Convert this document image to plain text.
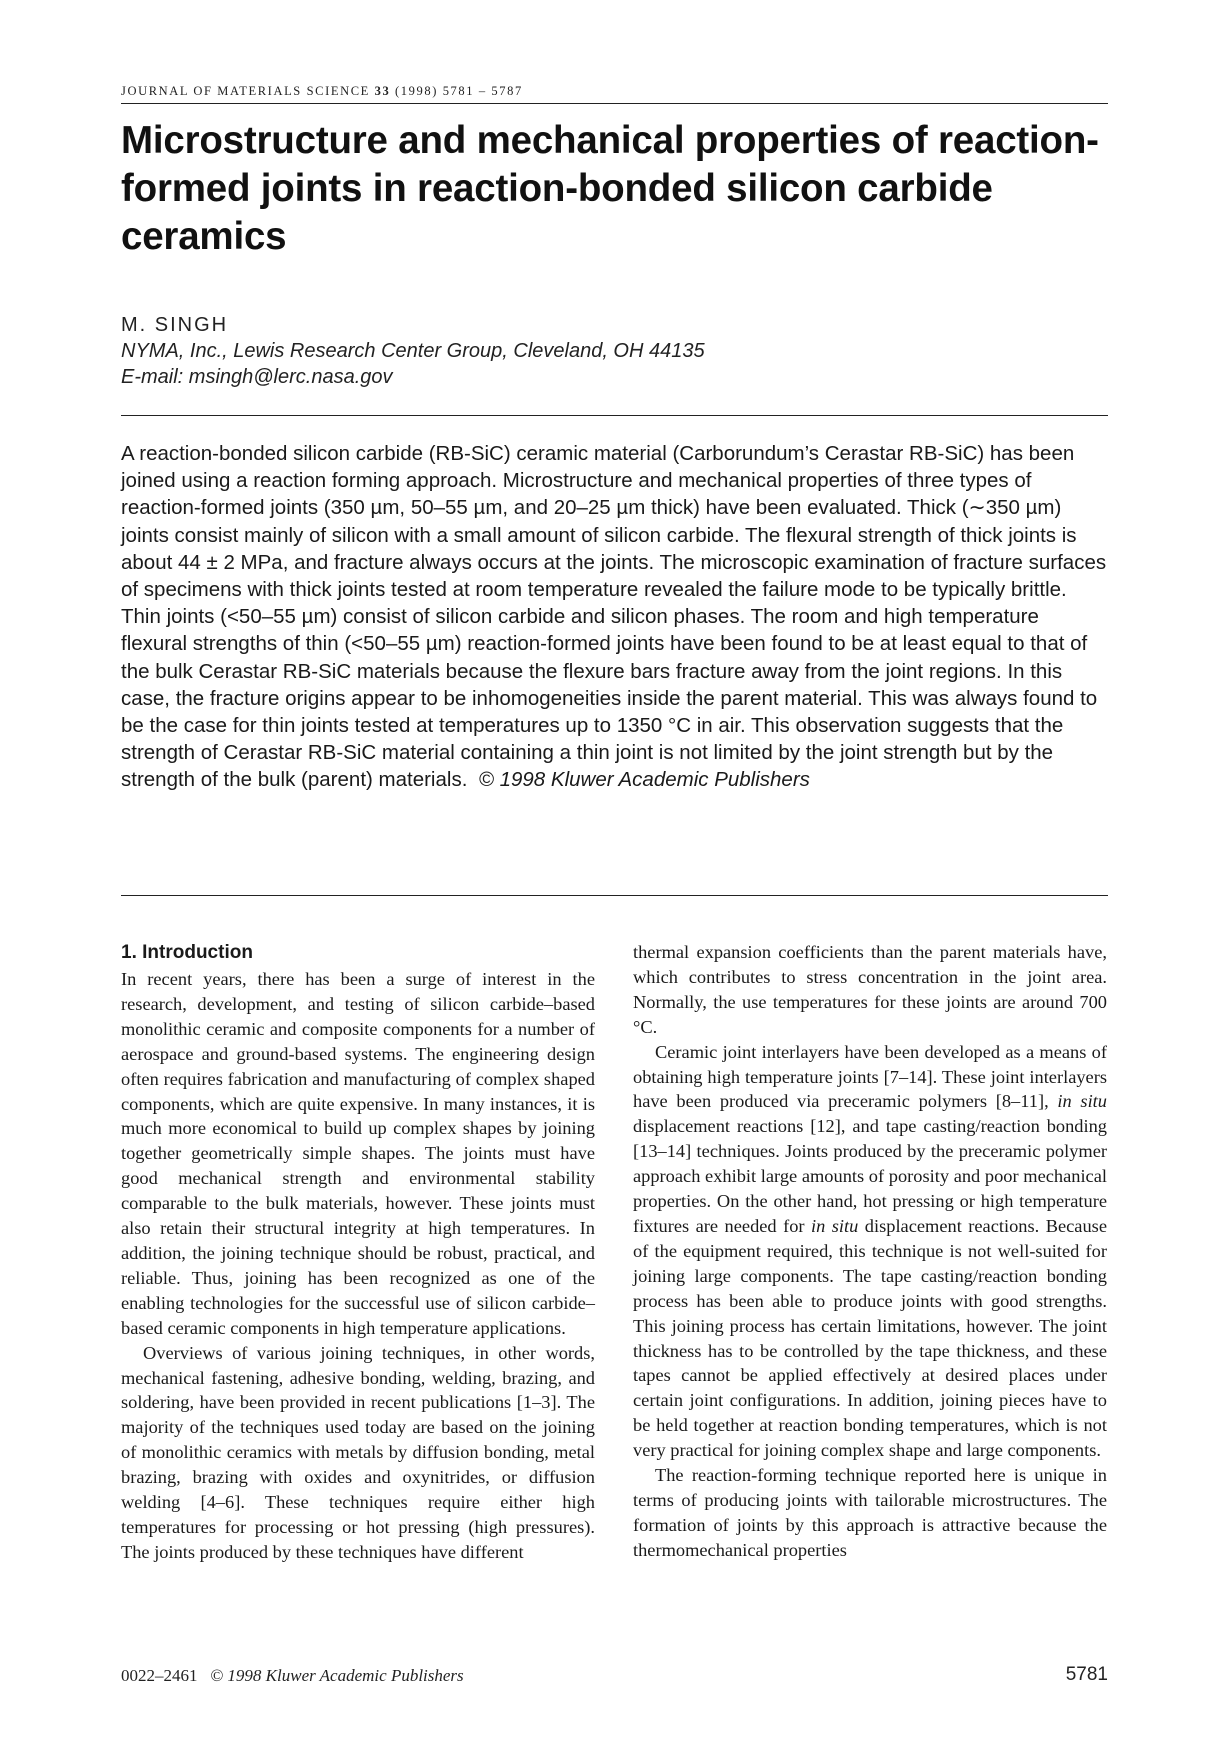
JOURNAL OF MATERIALS SCIENCE 33 (1998) 5781 – 5787
Microstructure and mechanical properties of reaction-formed joints in reaction-bonded silicon carbide ceramics
M. SINGH
NYMA, Inc., Lewis Research Center Group, Cleveland, OH 44135
E-mail: msingh@lerc.nasa.gov

A reaction-bonded silicon carbide (RB-SiC) ceramic material (Carborundum’s Cerastar RB-SiC) has been joined using a reaction forming approach. Microstructure and mechanical properties of three types of reaction-formed joints (350 µm, 50–55 µm, and 20–25 µm thick) have been evaluated. Thick (∼350 µm) joints consist mainly of silicon with a small amount of silicon carbide. The flexural strength of thick joints is about 44 ± 2 MPa, and fracture always occurs at the joints. The microscopic examination of fracture surfaces of specimens with thick joints tested at room temperature revealed the failure mode to be typically brittle. Thin joints (<50–55 µm) consist of silicon carbide and silicon phases. The room and high temperature flexural strengths of thin (<50–55 µm) reaction-formed joints have been found to be at least equal to that of the bulk Cerastar RB-SiC materials because the flexure bars fracture away from the joint regions. In this case, the fracture origins appear to be inhomogeneities inside the parent material. This was always found to be the case for thin joints tested at temperatures up to 1350 °C in air. This observation suggests that the strength of Cerastar RB-SiC material containing a thin joint is not limited by the joint strength but by the strength of the bulk (parent) materials. © 1998 Kluwer Academic Publishers

1. Introduction

In recent years, there has been a surge of interest in the research, development, and testing of silicon carbide–based monolithic ceramic and composite components for a number of aerospace and ground-based systems. The engineering design often requires fabrication and manufacturing of complex shaped components, which are quite expensive. In many instances, it is much more economical to build up complex shapes by joining together geometrically simple shapes. The joints must have good mechanical strength and environmental stability comparable to the bulk materials, however. These joints must also retain their structural integrity at high temperatures. In addition, the joining technique should be robust, practical, and reliable. Thus, joining has been recognized as one of the enabling technologies for the successful use of silicon carbide–based ceramic components in high temperature applications.

Overviews of various joining techniques, in other words, mechanical fastening, adhesive bonding, welding, brazing, and soldering, have been provided in recent publications [1–3]. The majority of the techniques used today are based on the joining of monolithic ceramics with metals by diffusion bonding, metal brazing, brazing with oxides and oxynitrides, or diffusion welding [4–6]. These techniques require either high temperatures for processing or hot pressing (high pressures). The joints produced by these techniques have different

thermal expansion coefficients than the parent materials have, which contributes to stress concentration in the joint area. Normally, the use temperatures for these joints are around 700 °C.

Ceramic joint interlayers have been developed as a means of obtaining high temperature joints [7–14]. These joint interlayers have been produced via preceramic polymers [8–11], in situ displacement reactions [12], and tape casting/reaction bonding [13–14] techniques. Joints produced by the preceramic polymer approach exhibit large amounts of porosity and poor mechanical properties. On the other hand, hot pressing or high temperature fixtures are needed for in situ displacement reactions. Because of the equipment required, this technique is not well-suited for joining large components. The tape casting/reaction bonding process has been able to produce joints with good strengths. This joining process has certain limitations, however. The joint thickness has to be controlled by the tape thickness, and these tapes cannot be applied effectively at desired places under certain joint configurations. In addition, joining pieces have to be held together at reaction bonding temperatures, which is not very practical for joining complex shape and large components.

The reaction-forming technique reported here is unique in terms of producing joints with tailorable microstructures. The formation of joints by this approach is attractive because the thermomechanical properties

0022–2461 © 1998 Kluwer Academic Publishers	5781
